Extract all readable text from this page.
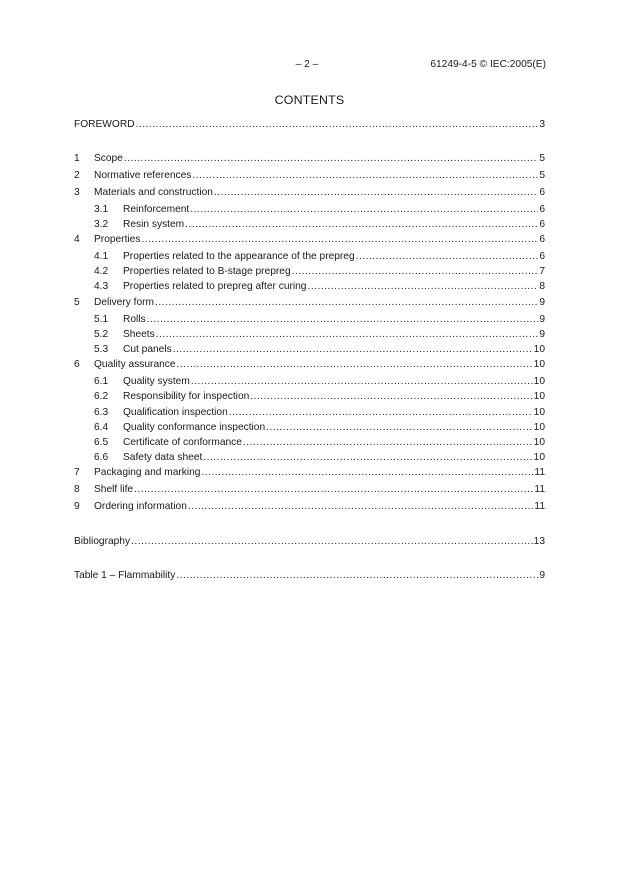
– 2 –	61249-4-5 © IEC:2005(E)
CONTENTS
FOREWORD .....	3
1	Scope .....	5
2	Normative references .....	5
3	Materials and construction .....	6
3.1	Reinforcement .....	6
3.2	Resin system .....	6
4	Properties .....	6
4.1	Properties related to the appearance of the prepreg .....	6
4.2	Properties related to B-stage prepreg .....	7
4.3	Properties related to prepreg after curing .....	8
5	Delivery form .....	9
5.1	Rolls .....	9
5.2	Sheets .....	9
5.3	Cut panels .....	10
6	Quality assurance .....	10
6.1	Quality system .....	10
6.2	Responsibility for inspection .....	10
6.3	Qualification inspection .....	10
6.4	Quality conformance inspection .....	10
6.5	Certificate of conformance .....	10
6.6	Safety data sheet .....	10
7	Packaging and marking .....	11
8	Shelf life .....	11
9	Ordering information .....	11
Bibliography .....	13
Table 1 – Flammability .....	9
